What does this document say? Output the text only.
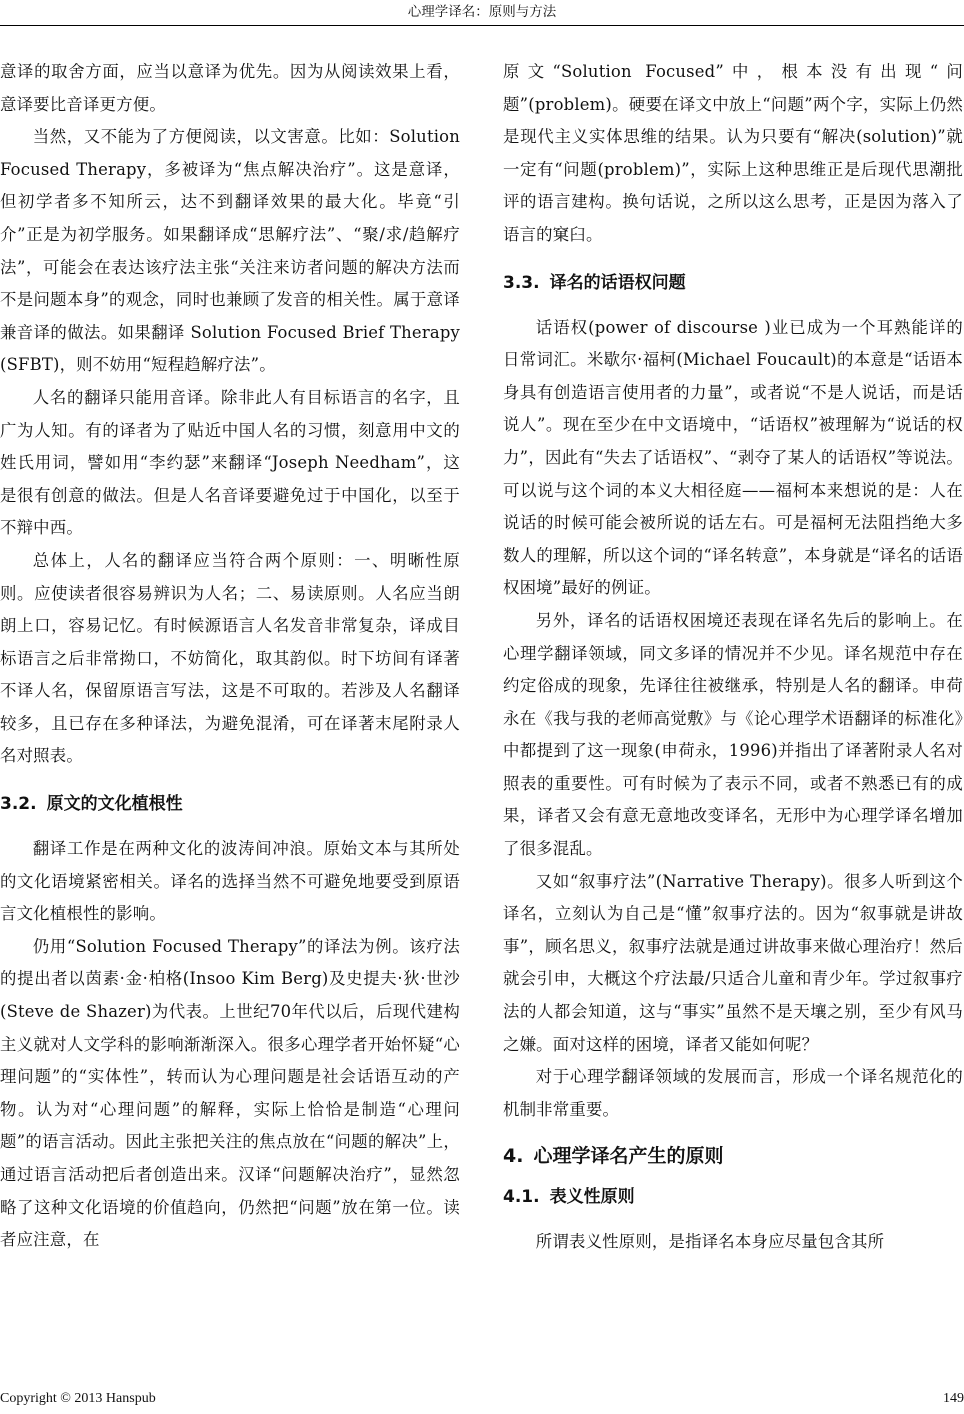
心理学译名：原则与方法

意译的取舍方面，应当以意译为优先。因为从阅读效果上看，意译要比音译更方便。

当然，又不能为了方便阅读，以文害意。比如：Solution Focused Therapy，多被译为“焦点解决治疗”。这是意译，但初学者多不知所云，达不到翻译效果的最大化。毕竟“引介”正是为初学服务。如果翻译成“思解疗法”、“聚/求/趋解疗法”，可能会在表达该疗法主张“关注来访者问题的解决方法而不是问题本身”的观念，同时也兼顾了发音的相关性。属于意译兼音译的做法。如果翻译 Solution Focused Brief Therapy (SFBT)，则不妨用“短程趋解疗法”。

人名的翻译只能用音译。除非此人有目标语言的名字，且广为人知。有的译者为了贴近中国人名的习惯，刻意用中文的姓氏用词，譬如用“李约瑟”来翻译“Joseph Needham”，这是很有创意的做法。但是人名音译要避免过于中国化，以至于不辩中西。

总体上，人名的翻译应当符合两个原则：一、明晰性原则。应使读者很容易辨识为人名；二、易读原则。人名应当朗朗上口，容易记忆。有时候源语言人名发音非常复杂，译成目标语言之后非常拗口，不妨简化，取其韵似。时下坊间有译著不译人名，保留原语言写法，这是不可取的。若涉及人名翻译较多，且已存在多种译法，为避免混淆，可在译著末尾附录人名对照表。

3.2. 原文的文化植根性

翻译工作是在两种文化的波涛间冲浪。原始文本与其所处的文化语境紧密相关。译名的选择当然不可避免地要受到原语言文化植根性的影响。

仍用“Solution Focused Therapy”的译法为例。该疗法的提出者以茵素·金·柏格(Insoo Kim Berg)及史提夫·狄·世沙(Steve de Shazer)为代表。上世纪70年代以后，后现代建构主义就对人文学科的影响渐渐深入。很多心理学者开始怀疑“心理问题”的“实体性”，转而认为心理问题是社会话语互动的产物。认为对“心理问题”的解释，实际上恰恰是制造“心理问题”的语言活动。因此主张把关注的焦点放在“问题的解决”上，通过语言活动把后者创造出来。汉译“问题解决治疗”，显然忽略了这种文化语境的价值趋向，仍然把“问题”放在第一位。读者应注意，在

原文“Solution Focused”中，根本没有出现“问题”(problem)。硬要在译文中放上“问题”两个字，实际上仍然是现代主义实体思维的结果。认为只要有“解决(solution)”就一定有“问题(problem)”，实际上这种思维正是后现代思潮批评的语言建构。换句话说，之所以这么思考，正是因为落入了语言的窠臼。

3.3. 译名的话语权问题

话语权(power of discourse )业已成为一个耳熟能详的日常词汇。米歇尔·福柯(Michael Foucault)的本意是“话语本身具有创造语言使用者的力量”，或者说“不是人说话，而是话说人”。现在至少在中文语境中，“话语权”被理解为“说话的权力”，因此有“失去了话语权”、“剥夺了某人的话语权”等说法。可以说与这个词的本义大相径庭——福柯本来想说的是：人在说话的时候可能会被所说的话左右。可是福柯无法阻挡绝大多数人的理解，所以这个词的“译名转意”，本身就是“译名的话语权困境”最好的例证。

另外，译名的话语权困境还表现在译名先后的影响上。在心理学翻译领域，同文多译的情况并不少见。译名规范中存在约定俗成的现象，先译往往被继承，特别是人名的翻译。申荷永在《我与我的老师高觉敷》与《论心理学术语翻译的标准化》中都提到了这一现象(申荷永，1996)并指出了译著附录人名对照表的重要性。可有时候为了表示不同，或者不熟悉已有的成果，译者又会有意无意地改变译名，无形中为心理学译名增加了很多混乱。

又如“叙事疗法”(Narrative Therapy)。很多人听到这个译名，立刻认为自己是“懂”叙事疗法的。因为“叙事就是讲故事”，顾名思义，叙事疗法就是通过讲故事来做心理治疗！然后就会引申，大概这个疗法最/只适合儿童和青少年。学过叙事疗法的人都会知道，这与“事实”虽然不是天壤之别，至少有风马之嫌。面对这样的困境，译者又能如何呢？

对于心理学翻译领域的发展而言，形成一个译名规范化的机制非常重要。

4. 心理学译名产生的原则
4.1. 表义性原则

所谓表义性原则，是指译名本身应尽量包含其所

Copyright © 2013 Hanspub	149
